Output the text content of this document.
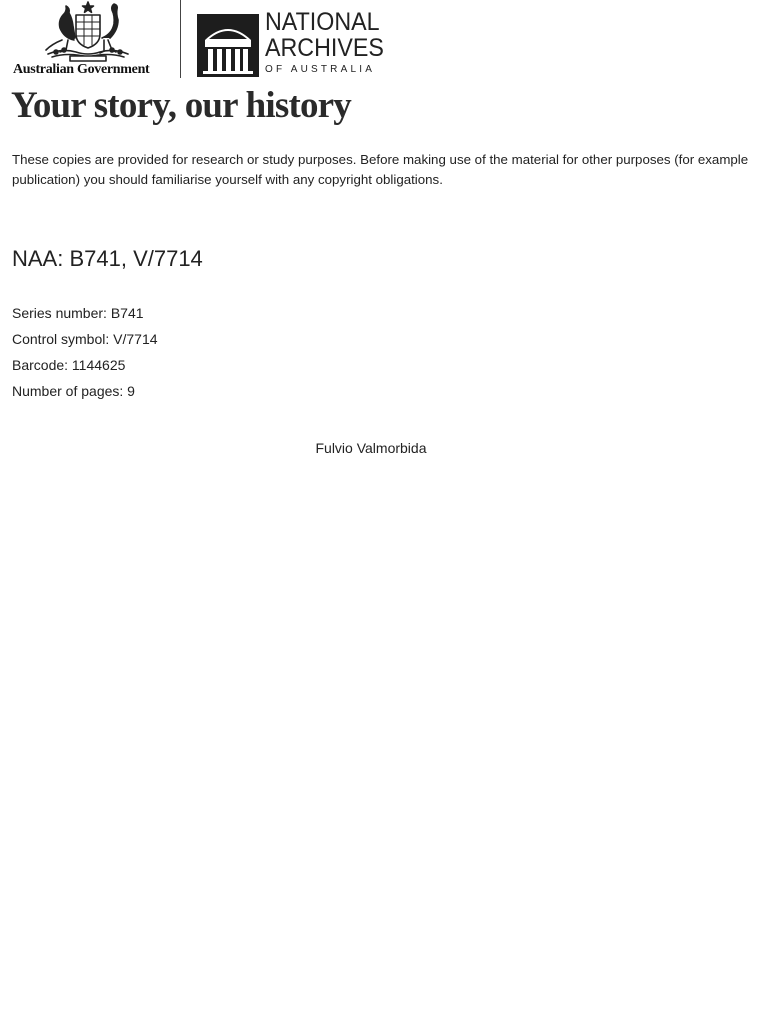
Australian Government
NATIONAL
ARCHIVES
OF AUSTRALIA
Your story, our history
These copies are provided for research or study purposes. Before making use of the material for other purposes (for example publication) you should familiarise yourself with any copyright obligations.
NAA: B741, V/7714
Series number: B741
Control symbol: V/7714
Barcode: 1144625
Number of pages: 9
Fulvio Valmorbida
